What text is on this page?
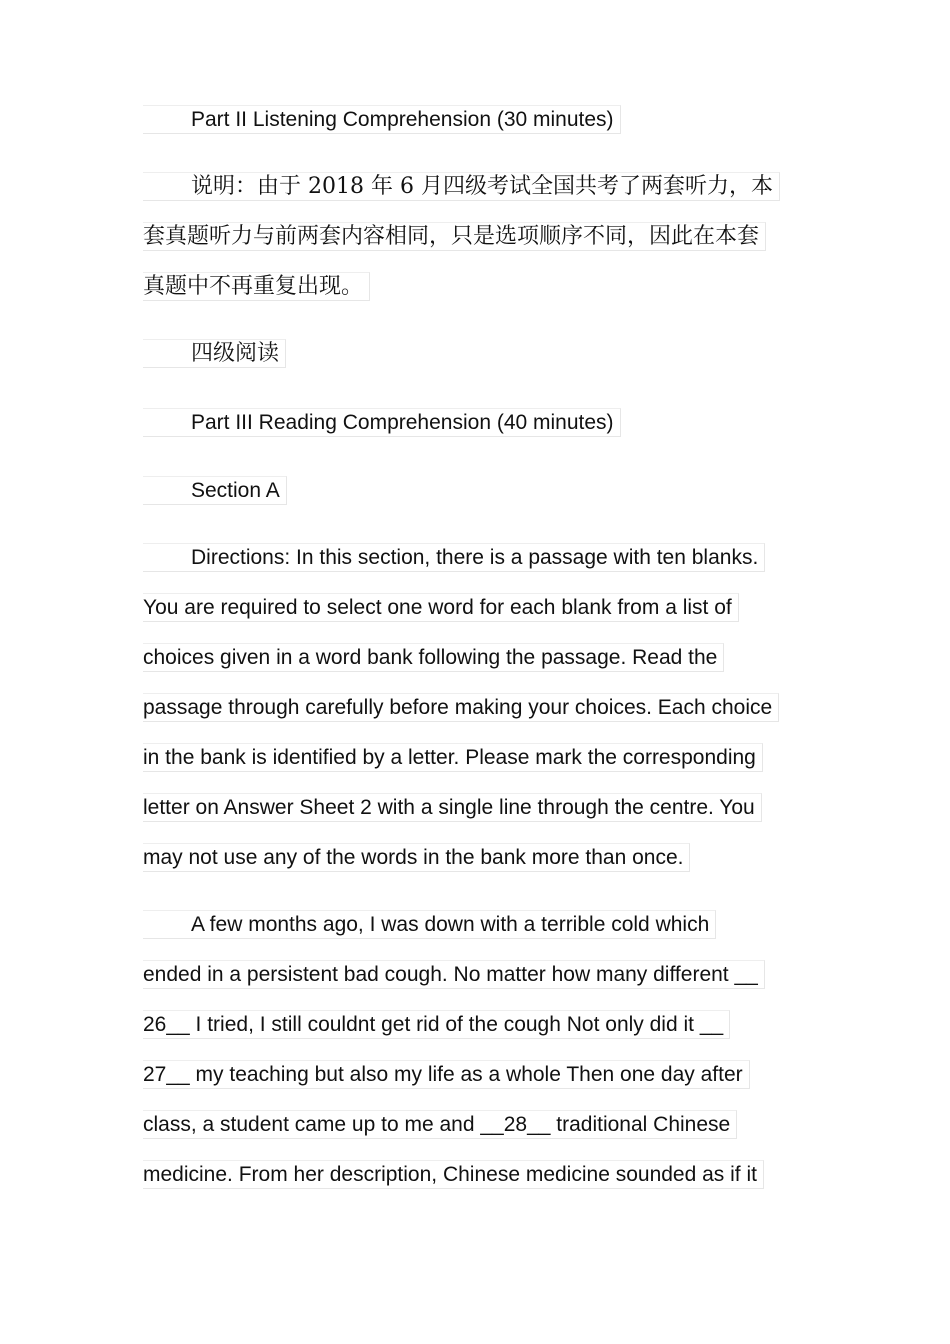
Part II Listening Comprehension (30 minutes)
说明：由于 2018 年 6 月四级考试全国共考了两套听力，本
套真题听力与前两套内容相同，只是选项顺序不同，因此在本套
真题中不再重复出现。
四级阅读
Part III Reading Comprehension (40 minutes)
Section A
Directions: In this section, there is a passage with ten blanks.
You are required to select one word for each blank from a list of
choices given in a word bank following the passage. Read the
passage through carefully before making your choices. Each choice
in the bank is identified by a letter. Please mark the corresponding
letter on Answer Sheet 2 with a single line through the centre. You
may not use any of the words in the bank more than once.
A few months ago, I was down with a terrible cold which
ended in a persistent bad cough. No matter how many different __
26__ I tried, I still couldnt get rid of the cough Not only did it __
27__ my teaching but also my life as a whole Then one day after
class, a student came up to me and __28__ traditional Chinese
medicine. From her description, Chinese medicine sounded as if it
